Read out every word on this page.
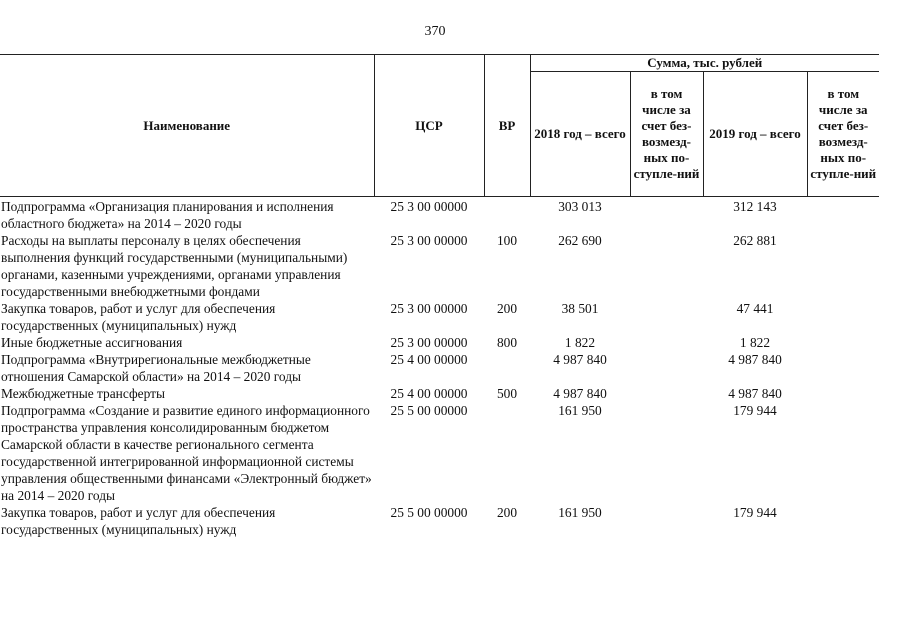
370
Наименование	ЦСР	ВР	Сумма, тыс. рублей			
			2018 год – всего	в том числе за счет без-возмезд-ных по-ступле-ний	2019 год – всего	в том числе за счет без-возмезд-ных по-ступле-ний
Подпрограмма «Организация планирования и исполнения областного бюджета» на 2014 – 2020 годы	25 3 00 00000		303 013		312 143	
Расходы на выплаты персоналу в целях обеспечения выполнения функций государственными (муниципальными) органами, казенными учреждениями, органами управления государственными внебюджетными фондами	25 3 00 00000	100	262 690		262 881	
Закупка товаров, работ и услуг для обеспечения государственных (муниципальных) нужд	25 3 00 00000	200	38 501		47 441	
Иные бюджетные ассигнования	25 3 00 00000	800	1 822		1 822	
Подпрограмма «Внутрирегиональные межбюджетные отношения Самарской области» на 2014 – 2020 годы	25 4 00 00000		4 987 840		4 987 840	
Межбюджетные трансферты	25 4 00 00000	500	4 987 840		4 987 840	
Подпрограмма «Создание и развитие единого информационного пространства управления консолидированным бюджетом Самарской области в качестве регионального сегмента государственной интегрированной информационной системы управления общественными финансами «Электронный бюджет» на 2014 – 2020 годы	25 5 00 00000		161 950		179 944	
Закупка товаров, работ и услуг для обеспечения государственных (муниципальных) нужд	25 5 00 00000	200	161 950		179 944	
